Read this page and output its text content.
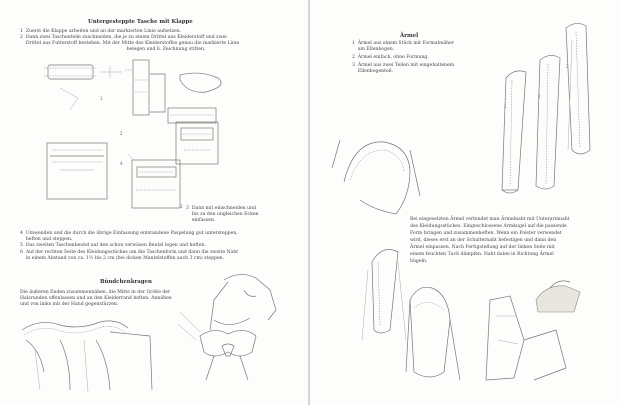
Untergesteppte Tasche mit Klappe
1  Zuerst die Klappe arbeiten und an der markierten Linie aufsetzen.
2  Dann zwei Taschenteile zuschneiden, die je zu einem Drittel aus Kleiderstoff und zwei
Drittel aus Futterstoff bestehen. Mit der Mitte des Kleiderstoffes genau die markierte Linie
belegen und li. Zeichnung stitten.
3  Dann mit einschneiden und
bis zu den ungleichen Ecken
einfassen.
4  Umwenden und die durch die übrige Einfassung entstandene Paspelung gut untersteppen,
heften und steppen.
5  Das zweiten Taschenbeutel auf den schon verwäsen Beutel legen und heften.
6  Auf der rechten Seite des Kleidungsstückes um die Taschenform und dann die zweite Naht
in einem Abstand von ca. 1½ bis 2 cm (bei dicken Mantelstoffen auch 3 cm) steppen.
Bündchenkragen
Die äußeren Enden zusammennähen, die Mitte in der Größe der
Halsrunden offenlassen und an den Kleiderrand heften. Annähen
und von links mit der Hand gegenstürzen.
1
2
4
3
Ärmel
1  Ärmel aus einem Stück mit Formabnäher
am Ellenbogen.
2  Ärmel einfach, ohne Formung.
3  Ärmel aus zwei Teilen mit eingehaltenem
Ellenbogenteil.
Bei eingesetzten Ärmel verbindet man Ärmelnaht mit Unterarmnaht
des Kleidungsstückes. Eingeschlossene Armkugel auf die passende
Form bringen und zusammenheften. Wenn ein Polster verwendet
wird, dieses erst an der Schulternaht befestigen und dann den
Ärmel einpassen. Nach Fertigstellung auf der linken Seite mit
einem feuchten Tuch dämpfen. Naht dabei in Richtung Ärmel
bügeln.
1
2
3
